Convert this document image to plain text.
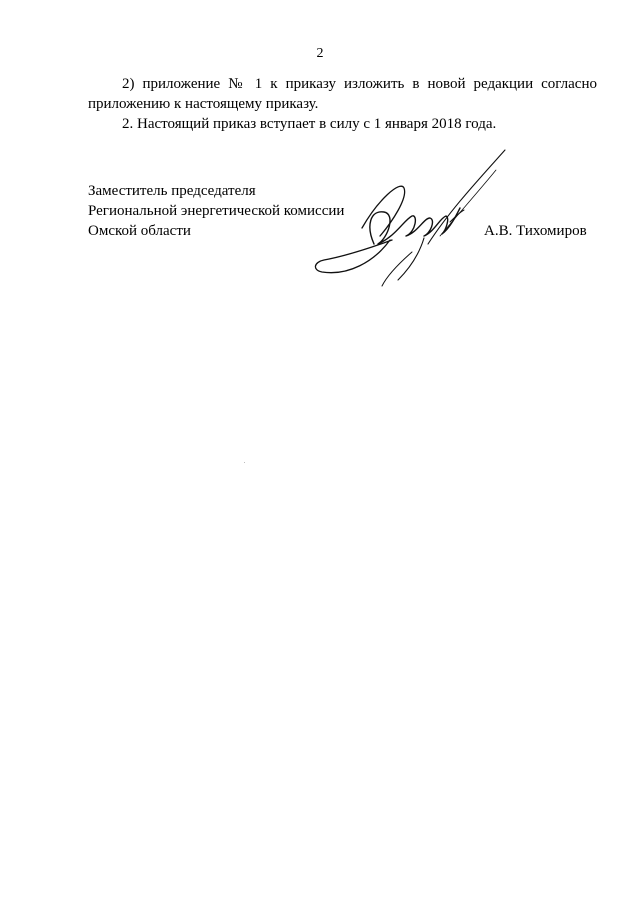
2

2) приложение № 1 к приказу изложить в новой редакции согласно приложению к настоящему приказу.

2. Настоящий приказ вступает в силу с 1 января 2018 года.

Заместитель председателя
Региональной энергетической комиссии
Омской области	А.В. Тихомиров
